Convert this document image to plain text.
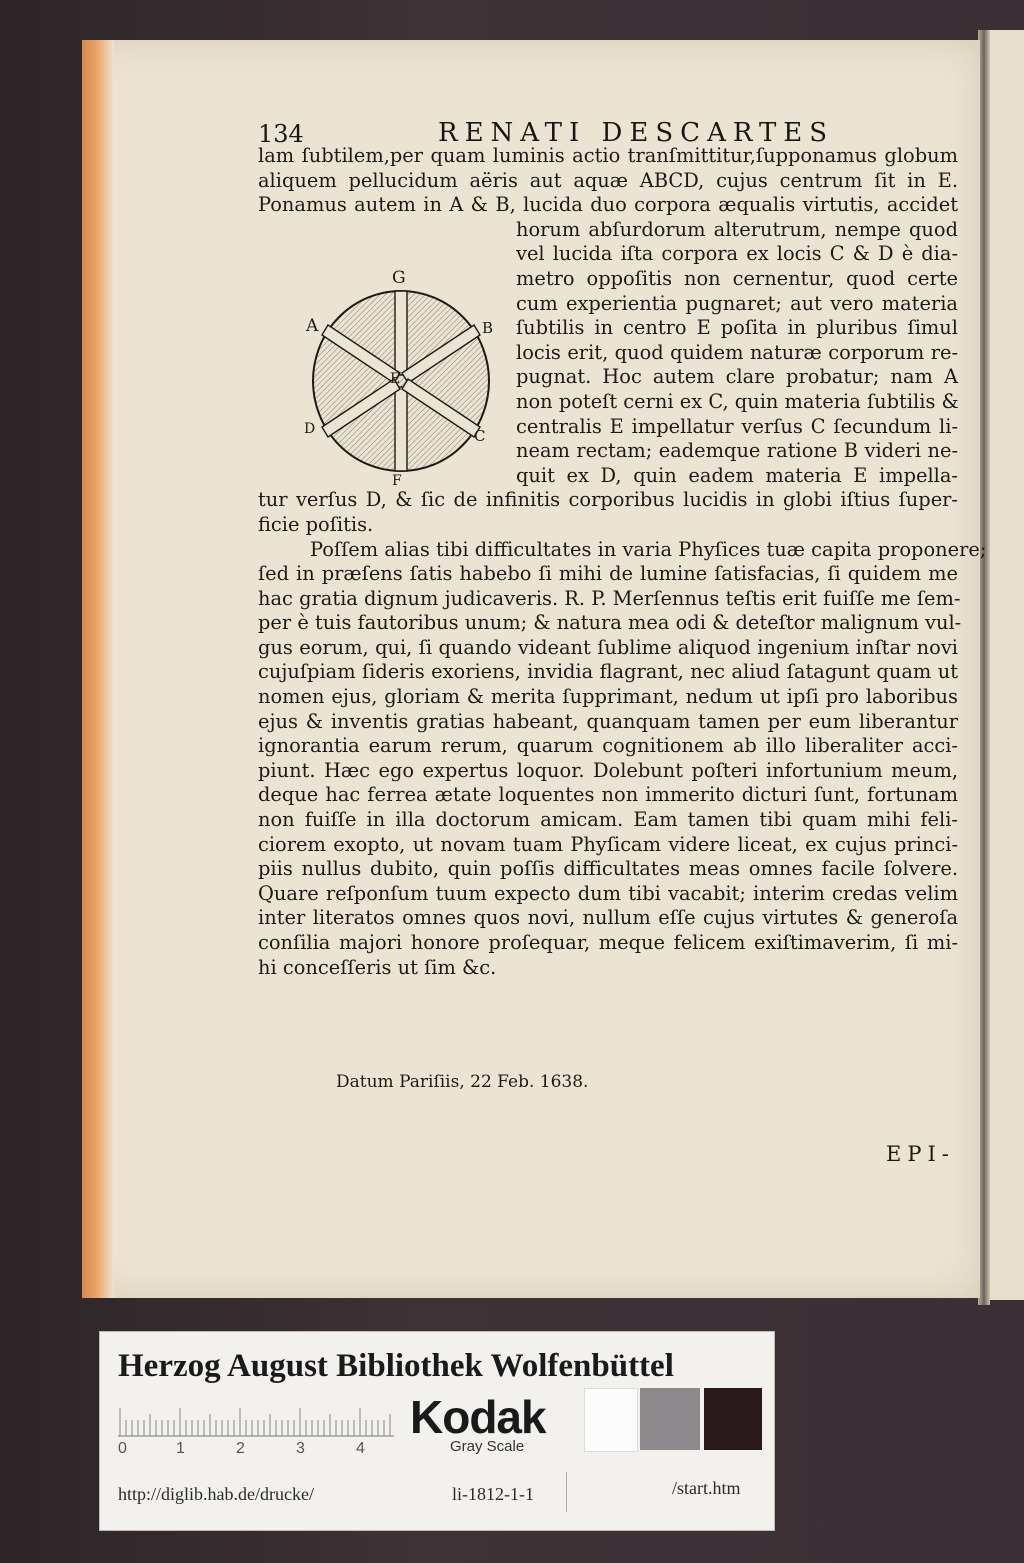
134	RENATI DESCARTES
lam ſubtilem,per quam luminis actio tranſmittitur,ſupponamus globum
aliquem pellucidum aëris aut aquæ ABCD, cujus centrum ſit in E.
Ponamus autem in A & B, lucida duo corpora æqualis virtutis, accidet
horum abſurdorum alterutrum, nempe quod
vel lucida iſta corpora ex locis C & D è dia-
metro oppoſitis non cernentur, quod certe
cum experientia pugnaret; aut vero materia
ſubtilis in centro E poſita in pluribus ſimul
locis erit, quod quidem naturæ corporum re-
pugnat. Hoc autem clare probatur; nam A
non poteſt cerni ex C, quin materia ſubtilis &
centralis E impellatur verſus C ſecundum li-
neam rectam; eademque ratione B videri ne-
quit ex D, quin eadem materia E impella-
tur verſus D, & ſic de infinitis corporibus lucidis in globi iſtius ſuper-
ficie poſitis.
Poſſem alias tibi difficultates in varia Phyſices tuæ capita proponere;
ſed in præſens ſatis habebo ſi mihi de lumine ſatisfacias, ſi quidem me
hac gratia dignum judicaveris. R. P. Merſennus teſtis erit fuiſſe me ſem-
per è tuis fautoribus unum; & natura mea odi & deteſtor malignum vul-
gus eorum, qui, ſi quando videant ſublime aliquod ingenium inſtar novi
cujuſpiam ſideris exoriens, invidia flagrant, nec aliud ſatagunt quam ut
nomen ejus, gloriam & merita ſupprimant, nedum ut ipſi pro laboribus
ejus & inventis gratias habeant, quanquam tamen per eum liberantur
ignorantia earum rerum, quarum cognitionem ab illo liberaliter acci-
piunt. Hæc ego expertus loquor. Dolebunt poſteri infortunium meum,
deque hac ferrea ætate loquentes non immerito dicturi ſunt, fortunam
non fuiſſe in illa doctorum amicam. Eam tamen tibi quam mihi feli-
ciorem exopto, ut novam tuam Phyſicam videre liceat, ex cujus princi-
piis nullus dubito, quin poſſis difficultates meas omnes facile ſolvere.
Quare reſponſum tuum expecto dum tibi vacabit; interim credas velim
inter literatos omnes quos novi, nullum eſſe cujus virtutes & generoſa
conſilia majori honore proſequar, meque felicem exiſtimaverim, ſi mi-
hi conceſſeris ut ſim &c.
G
A	B
E
D	C
F
Datum Pariſiis, 22 Feb. 1638.
EPI-
Herzog August Bibliothek Wolfenbüttel
0	1	2	3	4
Kodak
Gray Scale
http://diglib.hab.de/drucke/	li-1812-1-1	/start.htm
